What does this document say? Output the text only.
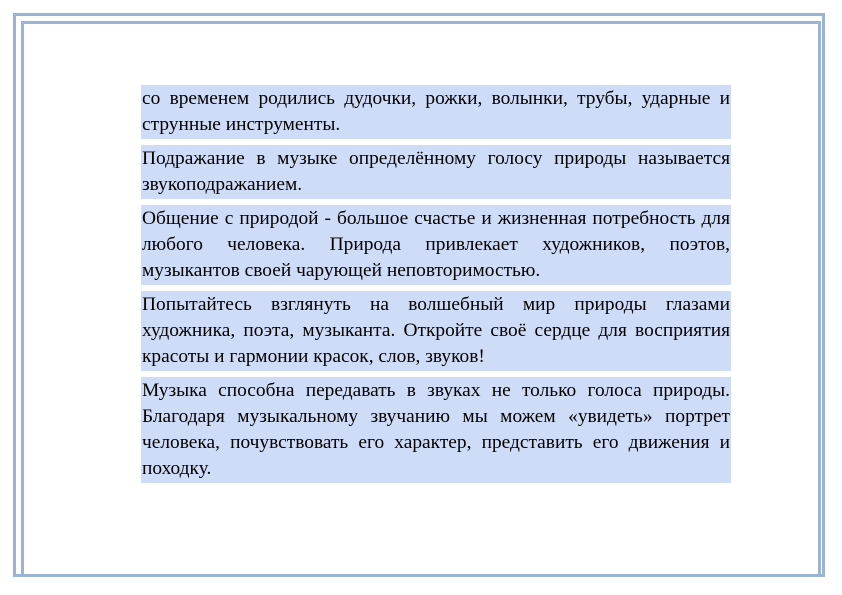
со временем родились дудочки, рожки, волынки, трубы, ударные и струнные инструменты.

Подражание в музыке определённому голосу природы называется звукоподражанием.

Общение с природой - большое счастье и жизненная потребность для любого человека. Природа привлекает художников, поэтов, музыкантов своей чарующей неповторимостью.

Попытайтесь взглянуть на волшебный мир природы глазами художника, поэта, музыканта. Откройте своё сердце для восприятия красоты и гармонии красок, слов, звуков!

Музыка способна передавать в звуках не только голоса природы. Благодаря музыкальному звучанию мы можем «увидеть» портрет человека, почувствовать его характер, представить его движения и походку.
